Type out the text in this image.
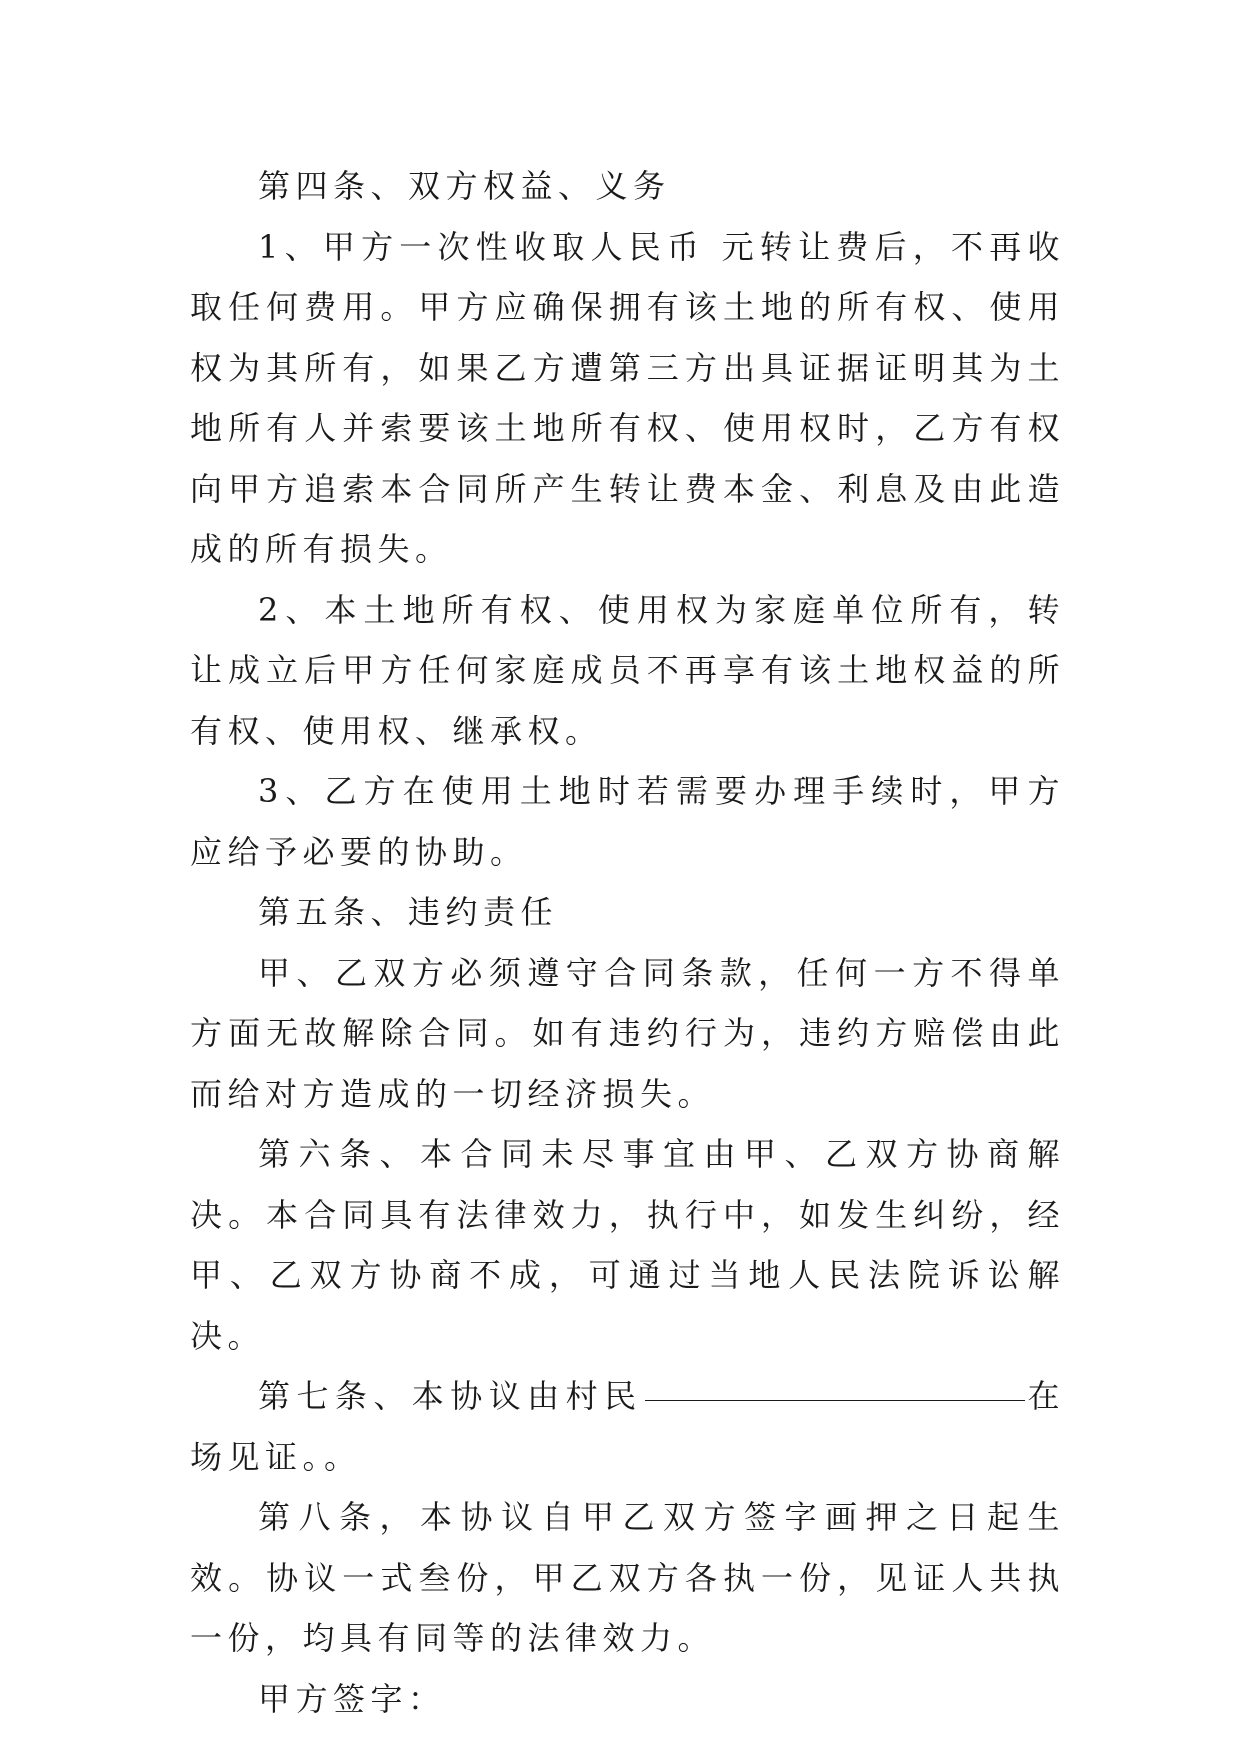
第四条、双方权益、义务

1、甲方一次性收取人民币 元转让费后，不再收取任何费用。甲方应确保拥有该土地的所有权、使用权为其所有，如果乙方遭第三方出具证据证明其为土地所有人并索要该土地所有权、使用权时，乙方有权向甲方追索本合同所产生转让费本金、利息及由此造成的所有损失。

2、本土地所有权、使用权为家庭单位所有，转让成立后甲方任何家庭成员不再享有该土地权益的所有权、使用权、继承权。

3、乙方在使用土地时若需要办理手续时，甲方应给予必要的协助。

第五条、违约责任

甲、乙双方必须遵守合同条款，任何一方不得单方面无故解除合同。如有违约行为，违约方赔偿由此而给对方造成的一切经济损失。

第六条、本合同未尽事宜由甲、乙双方协商解决。本合同具有法律效力，执行中，如发生纠纷，经甲、乙双方协商不成，可通过当地人民法院诉讼解决。

第七条、本协议由村民	在场见证。。

第八条，本协议自甲乙双方签字画押之日起生效。协议一式叁份，甲乙双方各执一份，见证人共执一份，均具有同等的法律效力。

甲方签字：
